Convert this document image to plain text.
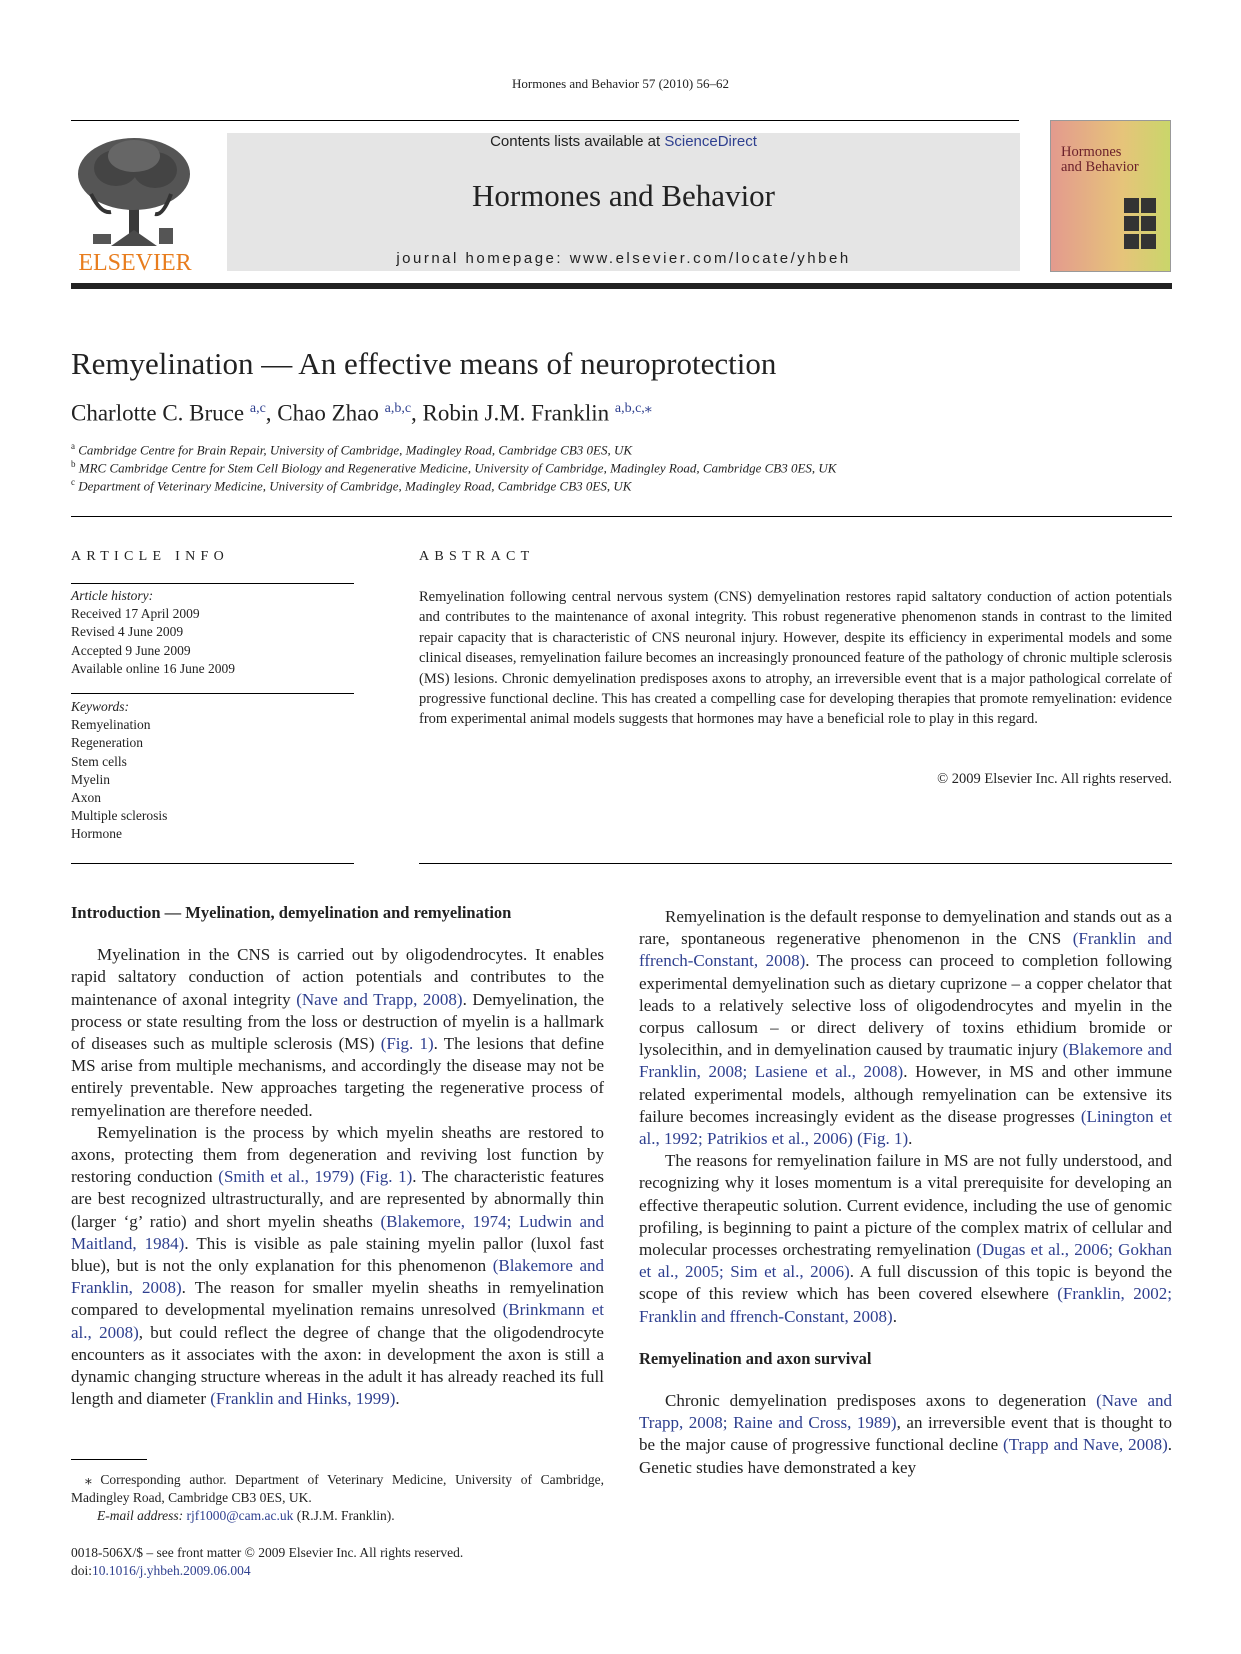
Hormones and Behavior 57 (2010) 56–62
ELSEVIER
Contents lists available at ScienceDirect
Hormones and Behavior
journal homepage: www.elsevier.com/locate/yhbeh
Hormones
and Behavior
Remyelination — An effective means of neuroprotection
Charlotte C. Bruce $^{a,c}$, Chao Zhao $^{a,b,c}$, Robin J.M. Franklin $^{a,b,c,⁎}$
$^a$ Cambridge Centre for Brain Repair, University of Cambridge, Madingley Road, Cambridge CB3 0ES, UK
$^b$ MRC Cambridge Centre for Stem Cell Biology and Regenerative Medicine, University of Cambridge, Madingley Road, Cambridge CB3 0ES, UK
$^c$ Department of Veterinary Medicine, University of Cambridge, Madingley Road, Cambridge CB3 0ES, UK
ARTICLE INFO	ABSTRACT
Article history:
Received 17 April 2009
Revised 4 June 2009
Accepted 9 June 2009
Available online 16 June 2009
Keywords:
Remyelination
Regeneration
Stem cells
Myelin
Axon
Multiple sclerosis
Hormone
Remyelination following central nervous system (CNS) demyelination restores rapid saltatory conduction of action potentials and contributes to the maintenance of axonal integrity. This robust regenerative phenomenon stands in contrast to the limited repair capacity that is characteristic of CNS neuronal injury. However, despite its efficiency in experimental models and some clinical diseases, remyelination failure becomes an increasingly pronounced feature of the pathology of chronic multiple sclerosis (MS) lesions. Chronic demyelination predisposes axons to atrophy, an irreversible event that is a major pathological correlate of progressive functional decline. This has created a compelling case for developing therapies that promote remyelination: evidence from experimental animal models suggests that hormones may have a beneficial role to play in this regard.
© 2009 Elsevier Inc. All rights reserved.

Introduction — Myelination, demyelination and remyelination

Myelination in the CNS is carried out by oligodendrocytes. It enables rapid saltatory conduction of action potentials and contributes to the maintenance of axonal integrity (Nave and Trapp, 2008). Demyelination, the process or state resulting from the loss or destruction of myelin is a hallmark of diseases such as multiple sclerosis (MS) (Fig. 1). The lesions that define MS arise from multiple mechanisms, and accordingly the disease may not be entirely preventable. New approaches targeting the regenerative process of remyelination are therefore needed.

Remyelination is the process by which myelin sheaths are restored to axons, protecting them from degeneration and reviving lost function by restoring conduction (Smith et al., 1979) (Fig. 1). The characteristic features are best recognized ultrastructurally, and are represented by abnormally thin (larger ‘g’ ratio) and short myelin sheaths (Blakemore, 1974; Ludwin and Maitland, 1984). This is visible as pale staining myelin pallor (luxol fast blue), but is not the only explanation for this phenomenon (Blakemore and Franklin, 2008). The reason for smaller myelin sheaths in remyelination compared to developmental myelination remains unresolved (Brinkmann et al., 2008), but could reflect the degree of change that the oligodendrocyte encounters as it associates with the axon: in development the axon is still a dynamic changing structure whereas in the adult it has already reached its full length and diameter (Franklin and Hinks, 1999).

Remyelination is the default response to demyelination and stands out as a rare, spontaneous regenerative phenomenon in the CNS (Franklin and ffrench-Constant, 2008). The process can proceed to completion following experimental demyelination such as dietary cuprizone – a copper chelator that leads to a relatively selective loss of oligodendrocytes and myelin in the corpus callosum – or direct delivery of toxins ethidium bromide or lysolecithin, and in demyelination caused by traumatic injury (Blakemore and Franklin, 2008; Lasiene et al., 2008). However, in MS and other immune related experimental models, although remyelination can be extensive its failure becomes increasingly evident as the disease progresses (Linington et al., 1992; Patrikios et al., 2006) (Fig. 1).

The reasons for remyelination failure in MS are not fully understood, and recognizing why it loses momentum is a vital prerequisite for developing an effective therapeutic solution. Current evidence, including the use of genomic profiling, is beginning to paint a picture of the complex matrix of cellular and molecular processes orchestrating remyelination (Dugas et al., 2006; Gokhan et al., 2005; Sim et al., 2006). A full discussion of this topic is beyond the scope of this review which has been covered elsewhere (Franklin, 2002; Franklin and ffrench-Constant, 2008).

Remyelination and axon survival

Chronic demyelination predisposes axons to degeneration (Nave and Trapp, 2008; Raine and Cross, 1989), an irreversible event that is thought to be the major cause of progressive functional decline (Trapp and Nave, 2008). Genetic studies have demonstrated a key

⁎ Corresponding author. Department of Veterinary Medicine, University of Cambridge, Madingley Road, Cambridge CB3 0ES, UK.
E-mail address: rjf1000@cam.ac.uk (R.J.M. Franklin).
0018-506X/$ – see front matter © 2009 Elsevier Inc. All rights reserved.
doi:10.1016/j.yhbeh.2009.06.004
